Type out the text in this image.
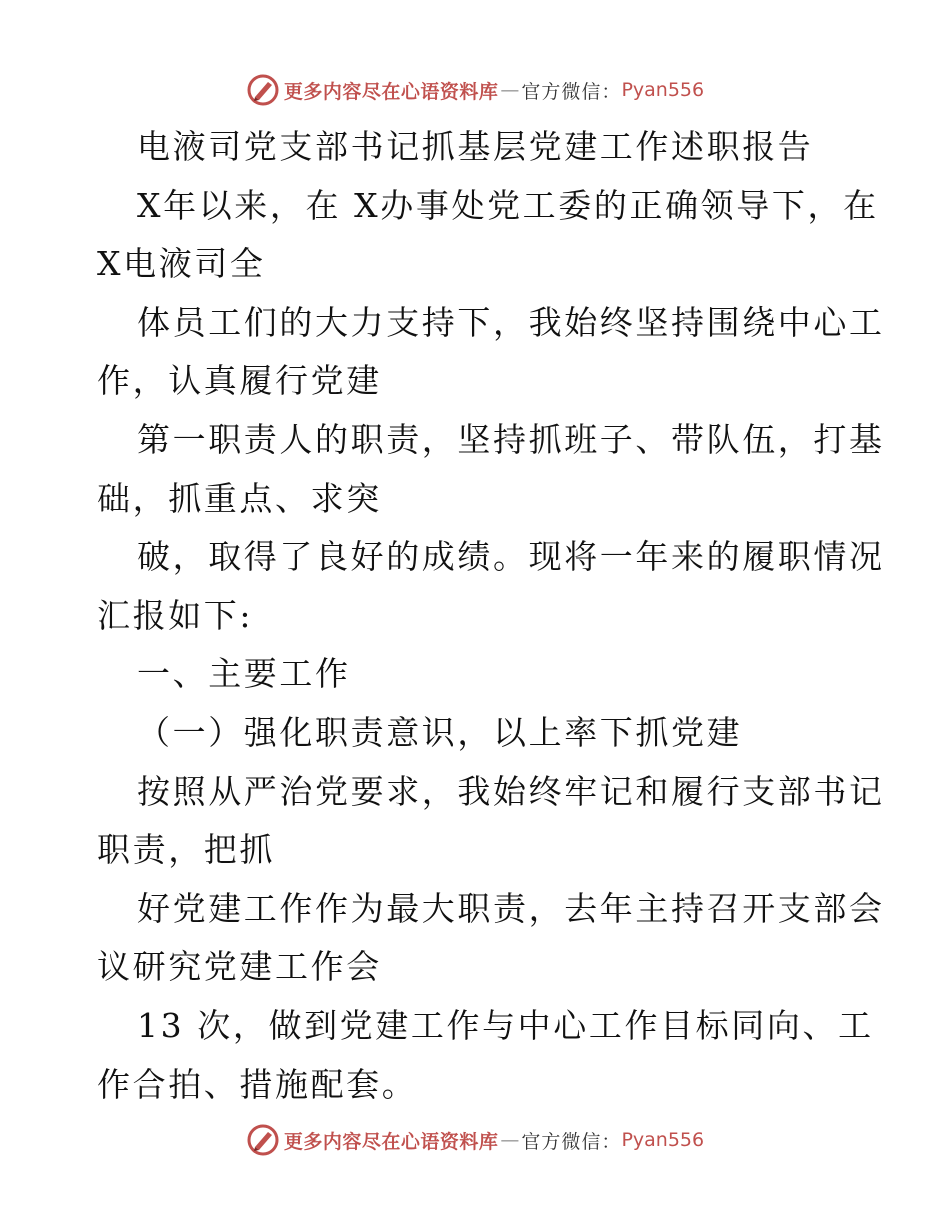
更多内容尽在心语资料库 — 官方微信： Pyan556
电液司党支部书记抓基层党建工作述职报告
X年以来，在 X办事处党工委的正确领导下，在
X电液司全
体员工们的大力支持下，我始终坚持围绕中心工
作，认真履行党建
第一职责人的职责，坚持抓班子、带队伍，打基
础，抓重点、求突
破，取得了良好的成绩。现将一年来的履职情况
汇报如下:
一、主要工作
（一）强化职责意识，以上率下抓党建
按照从严治党要求，我始终牢记和履行支部书记
职责，把抓
好党建工作作为最大职责，去年主持召开支部会
议研究党建工作会
13 次，做到党建工作与中心工作目标同向、工
作合拍、措施配套。
更多内容尽在心语资料库 — 官方微信： Pyan556
